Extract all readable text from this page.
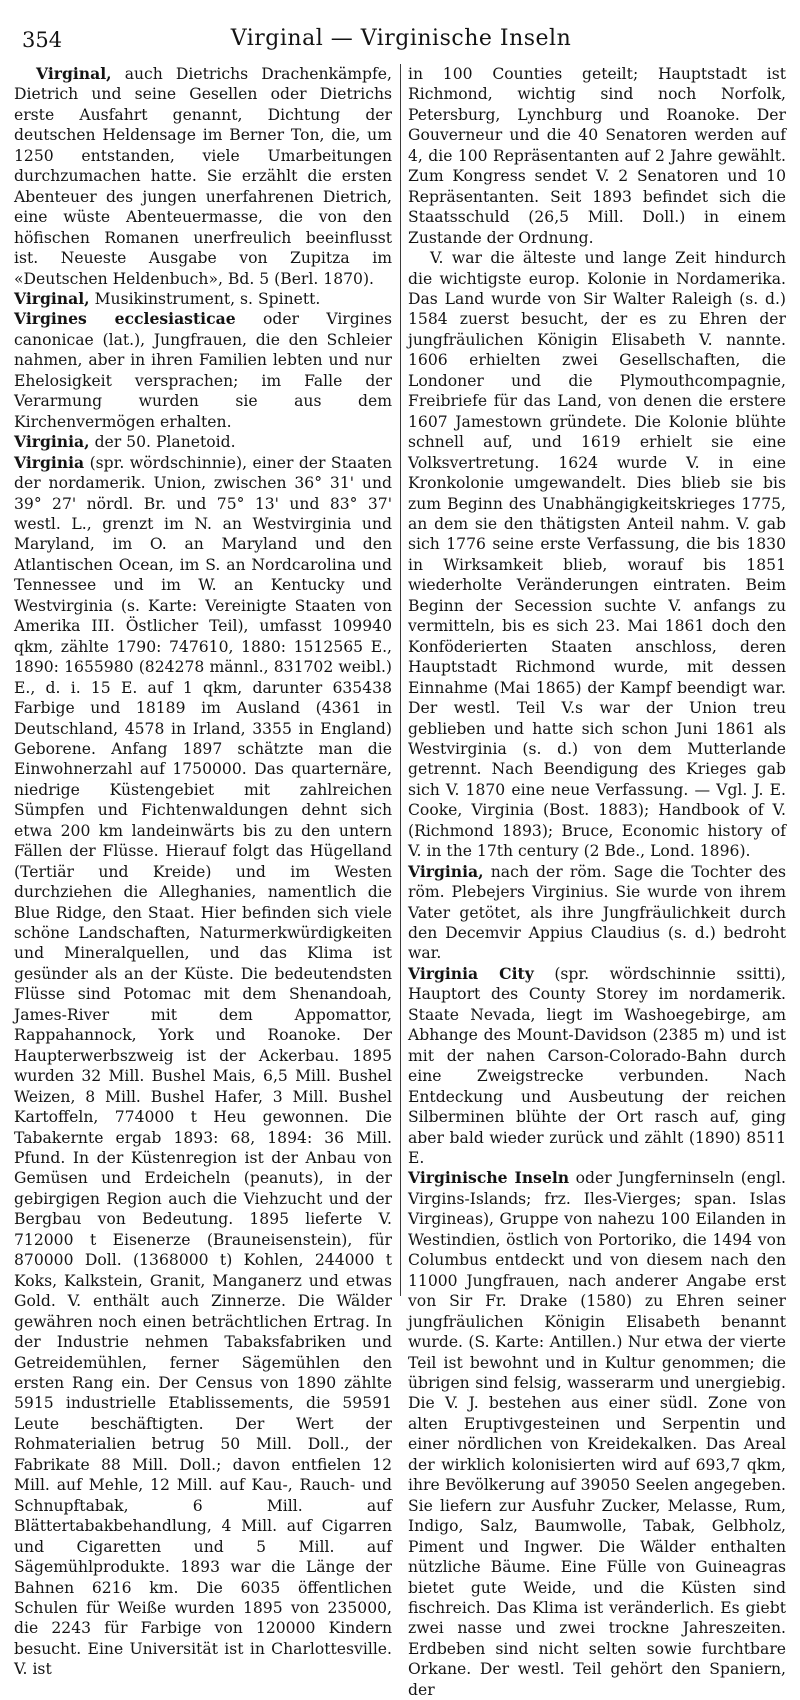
354	Virginal — Virginische Inseln

Virginal, auch Dietrichs Drachenkämpfe, Dietrich und seine Gesellen oder Dietrichs erste Ausfahrt genannt, Dichtung der deutschen Heldensage im Berner Ton, die, um 1250 entstanden, viele Umarbeitungen durchzumachen hatte. Sie erzählt die ersten Abenteuer des jungen unerfahrenen Dietrich, eine wüste Abenteuermasse, die von den höfischen Romanen unerfreulich beeinflusst ist. Neueste Ausgabe von Zupitza im «Deutschen Heldenbuch», Bd. 5 (Berl. 1870).

Virginal, Musikinstrument, s. Spinett.

Virgines ecclesiasticae oder Virgines canonicae (lat.), Jungfrauen, die den Schleier nahmen, aber in ihren Familien lebten und nur Ehelosigkeit versprachen; im Falle der Verarmung wurden sie aus dem Kirchenvermögen erhalten.

Virginia, der 50. Planetoid.

Virginia (spr. wördschinnie), einer der Staaten der nordamerik. Union, zwischen 36° 31' und 39° 27' nördl. Br. und 75° 13' und 83° 37' westl. L., grenzt im N. an Westvirginia und Maryland, im O. an Maryland und den Atlantischen Ocean, im S. an Nordcarolina und Tennessee und im W. an Kentucky und Westvirginia (s. Karte: Vereinigte Staaten von Amerika III. Östlicher Teil), umfasst 109940 qkm, zählte 1790: 747610, 1880: 1512565 E., 1890: 1655980 (824278 männl., 831702 weibl.) E., d. i. 15 E. auf 1 qkm, darunter 635438 Farbige und 18189 im Ausland (4361 in Deutschland, 4578 in Irland, 3355 in England) Geborene. Anfang 1897 schätzte man die Einwohnerzahl auf 1750000. Das quarternäre, niedrige Küstengebiet mit zahlreichen Sümpfen und Fichtenwaldungen dehnt sich etwa 200 km landeinwärts bis zu den untern Fällen der Flüsse. Hierauf folgt das Hügelland (Tertiär und Kreide) und im Westen durchziehen die Alleghanies, namentlich die Blue Ridge, den Staat. Hier befinden sich viele schöne Landschaften, Naturmerkwürdigkeiten und Mineralquellen, und das Klima ist gesünder als an der Küste. Die bedeutendsten Flüsse sind Potomac mit dem Shenandoah, James-River mit dem Appomattor, Rappahannock, York und Roanoke. Der Haupterwerbszweig ist der Ackerbau. 1895 wurden 32 Mill. Bushel Mais, 6,5 Mill. Bushel Weizen, 8 Mill. Bushel Hafer, 3 Mill. Bushel Kartoffeln, 774000 t Heu gewonnen. Die Tabakernte ergab 1893: 68, 1894: 36 Mill. Pfund. In der Küstenregion ist der Anbau von Gemüsen und Erdeicheln (peanuts), in der gebirgigen Region auch die Viehzucht und der Bergbau von Bedeutung. 1895 lieferte V. 712000 t Eisenerze (Brauneisenstein), für 870000 Doll. (1368000 t) Kohlen, 244000 t Koks, Kalkstein, Granit, Manganerz und etwas Gold. V. enthält auch Zinnerze. Die Wälder gewähren noch einen beträchtlichen Ertrag. In der Industrie nehmen Tabaksfabriken und Getreidemühlen, ferner Sägemühlen den ersten Rang ein. Der Census von 1890 zählte 5915 industrielle Etablissements, die 59591 Leute beschäftigten. Der Wert der Rohmaterialien betrug 50 Mill. Doll., der Fabrikate 88 Mill. Doll.; davon entfielen 12 Mill. auf Mehle, 12 Mill. auf Kau-, Rauch- und Schnupftabak, 6 Mill. auf Blättertabakbehandlung, 4 Mill. auf Cigarren und Cigaretten und 5 Mill. auf Sägemühlprodukte. 1893 war die Länge der Bahnen 6216 km. Die 6035 öffentlichen Schulen für Weiße wurden 1895 von 235000, die 2243 für Farbige von 120000 Kindern besucht. Eine Universität ist in Charlottesville. V. ist

in 100 Counties geteilt; Hauptstadt ist Richmond, wichtig sind noch Norfolk, Petersburg, Lynchburg und Roanoke. Der Gouverneur und die 40 Senatoren werden auf 4, die 100 Repräsentanten auf 2 Jahre gewählt. Zum Kongress sendet V. 2 Senatoren und 10 Repräsentanten. Seit 1893 befindet sich die Staatsschuld (26,5 Mill. Doll.) in einem Zustande der Ordnung.

V. war die älteste und lange Zeit hindurch die wichtigste europ. Kolonie in Nordamerika. Das Land wurde von Sir Walter Raleigh (s. d.) 1584 zuerst besucht, der es zu Ehren der jungfräulichen Königin Elisabeth V. nannte. 1606 erhielten zwei Gesellschaften, die Londoner und die Plymouthcompagnie, Freibriefe für das Land, von denen die erstere 1607 Jamestown gründete. Die Kolonie blühte schnell auf, und 1619 erhielt sie eine Volksvertretung. 1624 wurde V. in eine Kronkolonie umgewandelt. Dies blieb sie bis zum Beginn des Unabhängigkeitskrieges 1775, an dem sie den thätigsten Anteil nahm. V. gab sich 1776 seine erste Verfassung, die bis 1830 in Wirksamkeit blieb, worauf bis 1851 wiederholte Veränderungen eintraten. Beim Beginn der Secession suchte V. anfangs zu vermitteln, bis es sich 23. Mai 1861 doch den Konföderierten Staaten anschloss, deren Hauptstadt Richmond wurde, mit dessen Einnahme (Mai 1865) der Kampf beendigt war. Der westl. Teil V.s war der Union treu geblieben und hatte sich schon Juni 1861 als Westvirginia (s. d.) von dem Mutterlande getrennt. Nach Beendigung des Krieges gab sich V. 1870 eine neue Verfassung. — Vgl. J. E. Cooke, Virginia (Bost. 1883); Handbook of V. (Richmond 1893); Bruce, Economic history of V. in the 17th century (2 Bde., Lond. 1896).

Virginia, nach der röm. Sage die Tochter des röm. Plebejers Virginius. Sie wurde von ihrem Vater getötet, als ihre Jungfräulichkeit durch den Decemvir Appius Claudius (s. d.) bedroht war.

Virginia City (spr. wördschinnie ssitti), Hauptort des County Storey im nordamerik. Staate Nevada, liegt im Washoegebirge, am Abhange des Mount-Davidson (2385 m) und ist mit der nahen Carson-Colorado-Bahn durch eine Zweigstrecke verbunden. Nach Entdeckung und Ausbeutung der reichen Silberminen blühte der Ort rasch auf, ging aber bald wieder zurück und zählt (1890) 8511 E.

Virginische Inseln oder Jungferninseln (engl. Virgins-Islands; frz. Iles-Vierges; span. Islas Virgineas), Gruppe von nahezu 100 Eilanden in Westindien, östlich von Portoriko, die 1494 von Columbus entdeckt und von diesem nach den 11000 Jungfrauen, nach anderer Angabe erst von Sir Fr. Drake (1580) zu Ehren seiner jungfräulichen Königin Elisabeth benannt wurde. (S. Karte: Antillen.) Nur etwa der vierte Teil ist bewohnt und in Kultur genommen; die übrigen sind felsig, wasserarm und unergiebig. Die V. J. bestehen aus einer südl. Zone von alten Eruptivgesteinen und Serpentin und einer nördlichen von Kreidekalken. Das Areal der wirklich kolonisierten wird auf 693,7 qkm, ihre Bevölkerung auf 39050 Seelen angegeben. Sie liefern zur Ausfuhr Zucker, Melasse, Rum, Indigo, Salz, Baumwolle, Tabak, Gelbholz, Piment und Ingwer. Die Wälder enthalten nützliche Bäume. Eine Fülle von Guineagras bietet gute Weide, und die Küsten sind fischreich. Das Klima ist veränderlich. Es giebt zwei nasse und zwei trockne Jahreszeiten. Erdbeben sind nicht selten sowie furchtbare Orkane. Der westl. Teil gehört den Spaniern, der
